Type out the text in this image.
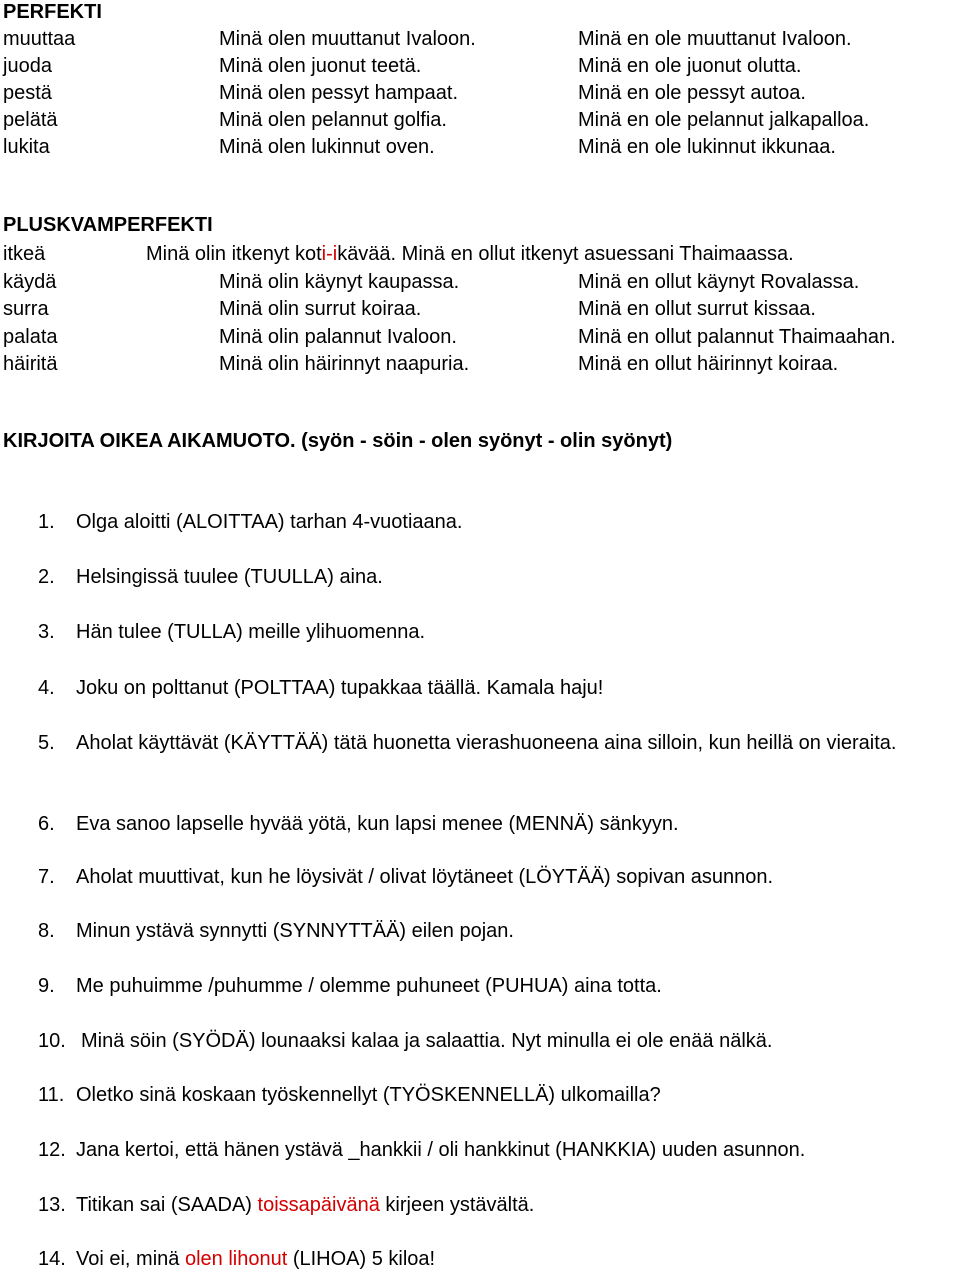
PERFEKTI
muuttaa	Minä olen muuttanut Ivaloon.	Minä en ole muuttanut Ivaloon.
juoda	Minä olen juonut teetä.	Minä en ole juonut olutta.
pestä	Minä olen pessyt hampaat.	Minä en ole pessyt autoa.
pelätä	Minä olen pelannut golfia.	Minä en ole pelannut jalkapalloa.
lukita	Minä olen lukinnut oven.	Minä en ole lukinnut ikkunaa.
PLUSKVAMPERFEKTI
itkeä	Minä olin itkenyt koti-ikävää. Minä en ollut itkenyt asuessani Thaimaassa.
käydä	Minä olin käynyt kaupassa.	Minä en ollut käynyt Rovalassa.
surra	Minä olin surrut koiraa.	Minä en ollut surrut kissaa.
palata	Minä olin palannut Ivaloon.	Minä en ollut palannut Thaimaahan.
häiritä	Minä olin häirinnyt naapuria.	Minä en ollut häirinnyt koiraa.
KIRJOITA OIKEA AIKAMUOTO. (syön - söin - olen syönyt - olin syönyt)
1. Olga aloitti (ALOITTAA) tarhan 4-vuotiaana.
2. Helsingissä tuulee (TUULLA) aina.
3. Hän tulee (TULLA) meille ylihuomenna.
4. Joku on polttanut (POLTTAA) tupakkaa täällä. Kamala haju!
5. Aholat käyttävät (KÄYTTÄÄ) tätä huonetta vierashuoneena aina silloin, kun heillä on vieraita.
6. Eva sanoo lapselle hyvää yötä, kun lapsi menee (MENNÄ) sänkyyn.
7. Aholat muuttivat, kun he löysivät / olivat löytäneet (LÖYTÄÄ) sopivan asunnon.
8. Minun ystävä synnytti (SYNNYTTÄÄ) eilen pojan.
9. Me puhuimme /puhumme / olemme puhuneet (PUHUA) aina totta.
10. Minä söin (SYÖDÄ) lounaaksi kalaa ja salaattia. Nyt minulla ei ole enää nälkä.
11. Oletko sinä koskaan työskennellyt (TYÖSKENNELLÄ) ulkomailla?
12. Jana kertoi, että hänen ystävä _hankkii / oli hankkinut (HANKKIA) uuden asunnon.
13. Titikan sai (SAADA) toissapäivänä kirjeen ystävältä.
14. Voi ei, minä olen lihonut (LIHOA) 5 kiloa!
